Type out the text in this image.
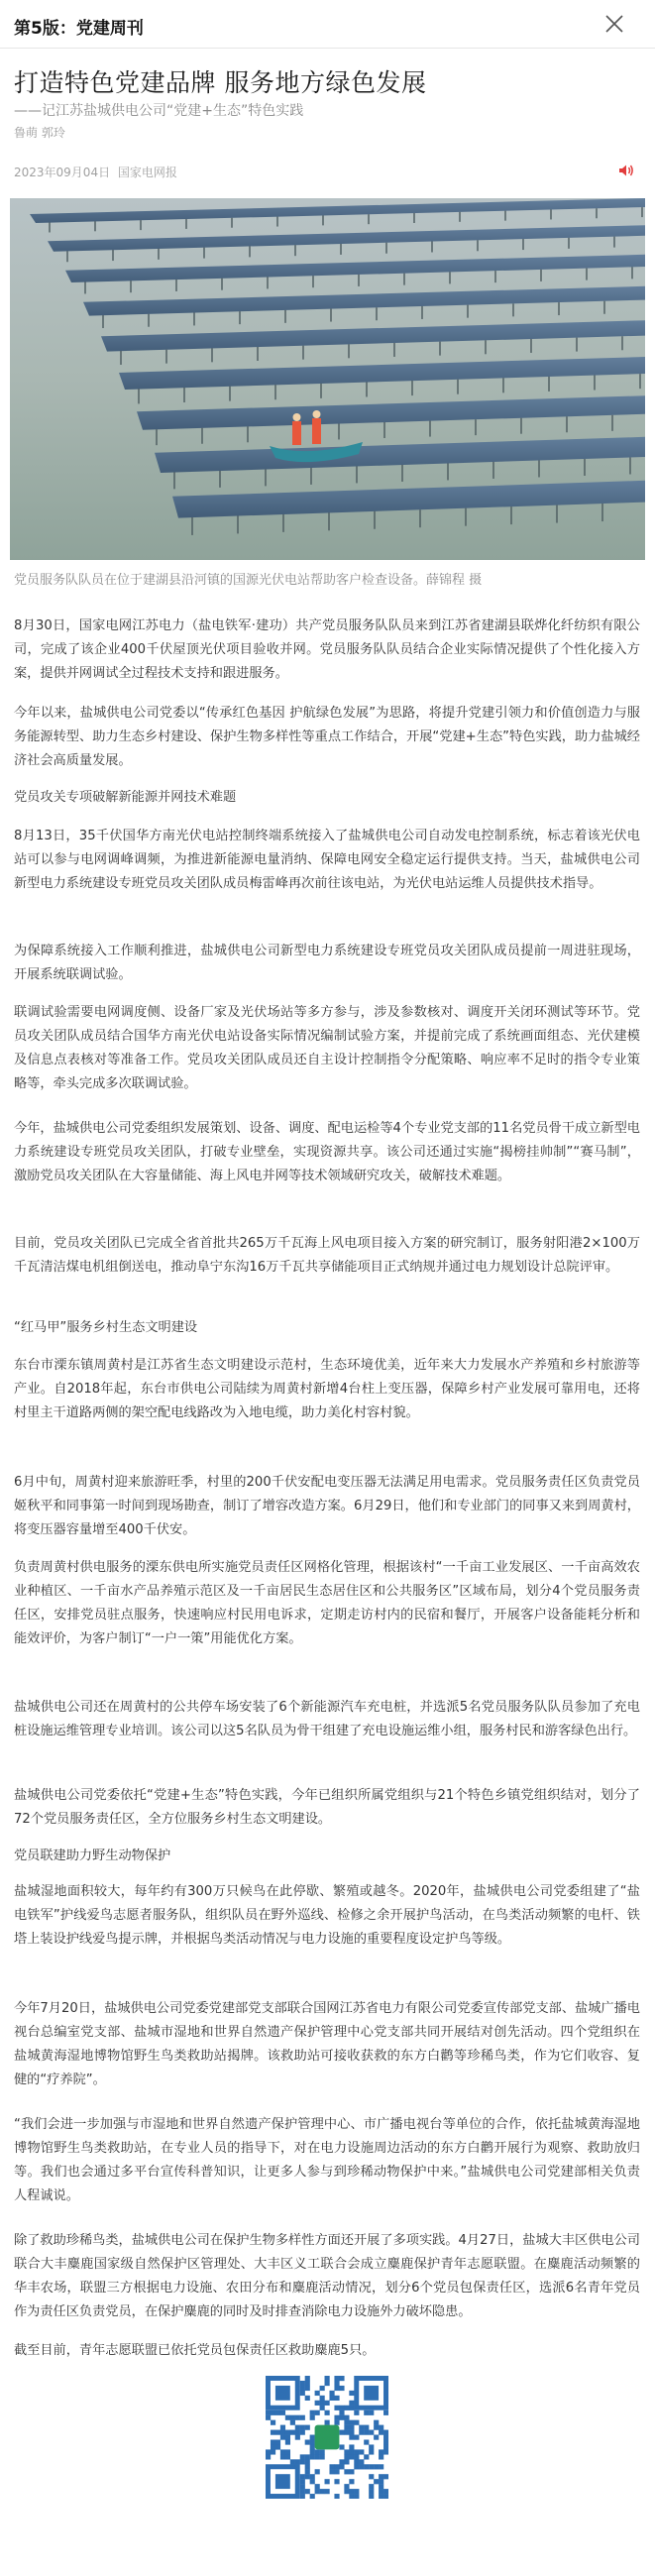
第5版：党建周刊
打造特色党建品牌 服务地方绿色发展
——记江苏盐城供电公司“党建+生态”特色实践
鲁萌 郭玲
2023年09月04日 国家电网报
党员服务队队员在位于建湖县沿河镇的国源光伏电站帮助客户检查设备。薛锦程 摄

8月30日，国家电网江苏电力（盐电铁军·建功）共产党员服务队队员来到江苏省建湖县联烨化纤纺织有限公司，完成了该企业400千伏屋顶光伏项目验收并网。党员服务队队员结合企业实际情况提供了个性化接入方案，提供并网调试全过程技术支持和跟进服务。

今年以来，盐城供电公司党委以“传承红色基因 护航绿色发展”为思路，将提升党建引领力和价值创造力与服务能源转型、助力生态乡村建设、保护生物多样性等重点工作结合，开展“党建+生态”特色实践，助力盐城经济社会高质量发展。

党员攻关专项破解新能源并网技术难题

8月13日，35千伏国华方南光伏电站控制终端系统接入了盐城供电公司自动发电控制系统，标志着该光伏电站可以参与电网调峰调频，为推进新能源电量消纳、保障电网安全稳定运行提供支持。当天，盐城供电公司新型电力系统建设专班党员攻关团队成员梅雷峰再次前往该电站，为光伏电站运维人员提供技术指导。

为保障系统接入工作顺利推进，盐城供电公司新型电力系统建设专班党员攻关团队成员提前一周进驻现场，开展系统联调试验。

联调试验需要电网调度侧、设备厂家及光伏场站等多方参与，涉及参数核对、调度开关闭环测试等环节。党员攻关团队成员结合国华方南光伏电站设备实际情况编制试验方案，并提前完成了系统画面组态、光伏建模及信息点表核对等准备工作。党员攻关团队成员还自主设计控制指令分配策略、响应率不足时的指令专业策略等，牵头完成多次联调试验。

今年，盐城供电公司党委组织发展策划、设备、调度、配电运检等4个专业党支部的11名党员骨干成立新型电力系统建设专班党员攻关团队，打破专业壁垒，实现资源共享。该公司还通过实施“揭榜挂帅制”“赛马制”，激励党员攻关团队在大容量储能、海上风电并网等技术领域研究攻关，破解技术难题。

目前，党员攻关团队已完成全省首批共265万千瓦海上风电项目接入方案的研究制订，服务射阳港2×100万千瓦清洁煤电机组倒送电，推动阜宁东沟16万千瓦共享储能项目正式纳规并通过电力规划设计总院评审。

“红马甲”服务乡村生态文明建设

东台市溧东镇周黄村是江苏省生态文明建设示范村，生态环境优美，近年来大力发展水产养殖和乡村旅游等产业。自2018年起，东台市供电公司陆续为周黄村新增4台柱上变压器，保障乡村产业发展可靠用电，还将村里主干道路两侧的架空配电线路改为入地电缆，助力美化村容村貌。

6月中旬，周黄村迎来旅游旺季，村里的200千伏安配电变压器无法满足用电需求。党员服务责任区负责党员姬秋平和同事第一时间到现场勘查，制订了增容改造方案。6月29日，他们和专业部门的同事又来到周黄村，将变压器容量增至400千伏安。

负责周黄村供电服务的溧东供电所实施党员责任区网格化管理，根据该村“一千亩工业发展区、一千亩高效农业种植区、一千亩水产品养殖示范区及一千亩居民生态居住区和公共服务区”区域布局，划分4个党员服务责任区，安排党员驻点服务，快速响应村民用电诉求，定期走访村内的民宿和餐厅，开展客户设备能耗分析和能效评价，为客户制订“一户一策”用能优化方案。

盐城供电公司还在周黄村的公共停车场安装了6个新能源汽车充电桩，并选派5名党员服务队队员参加了充电桩设施运维管理专业培训。该公司以这5名队员为骨干组建了充电设施运维小组，服务村民和游客绿色出行。

盐城供电公司党委依托“党建+生态”特色实践，今年已组织所属党组织与21个特色乡镇党组织结对，划分了72个党员服务责任区，全方位服务乡村生态文明建设。

党员联建助力野生动物保护

盐城湿地面积较大，每年约有300万只候鸟在此停歇、繁殖或越冬。2020年，盐城供电公司党委组建了“盐电铁军”护线爱鸟志愿者服务队，组织队员在野外巡线、检修之余开展护鸟活动，在鸟类活动频繁的电杆、铁塔上装设护线爱鸟提示牌，并根据鸟类活动情况与电力设施的重要程度设定护鸟等级。

今年7月20日，盐城供电公司党委党建部党支部联合国网江苏省电力有限公司党委宣传部党支部、盐城广播电视台总编室党支部、盐城市湿地和世界自然遗产保护管理中心党支部共同开展结对创先活动。四个党组织在盐城黄海湿地博物馆野生鸟类救助站揭牌。该救助站可接收获救的东方白鹳等珍稀鸟类，作为它们收容、复健的“疗养院”。

“我们会进一步加强与市湿地和世界自然遗产保护管理中心、市广播电视台等单位的合作，依托盐城黄海湿地博物馆野生鸟类救助站，在专业人员的指导下，对在电力设施周边活动的东方白鹳开展行为观察、救助放归等。我们也会通过多平台宣传科普知识，让更多人参与到珍稀动物保护中来。”盐城供电公司党建部相关负责人程诚说。

除了救助珍稀鸟类，盐城供电公司在保护生物多样性方面还开展了多项实践。4月27日，盐城大丰区供电公司联合大丰麋鹿国家级自然保护区管理处、大丰区义工联合会成立麋鹿保护青年志愿联盟。在麋鹿活动频繁的华丰农场，联盟三方根据电力设施、农田分布和麋鹿活动情况，划分6个党员包保责任区，选派6名青年党员作为责任区负责党员，在保护麋鹿的同时及时排查消除电力设施外力破坏隐患。

截至目前，青年志愿联盟已依托党员包保责任区救助麋鹿5只。
